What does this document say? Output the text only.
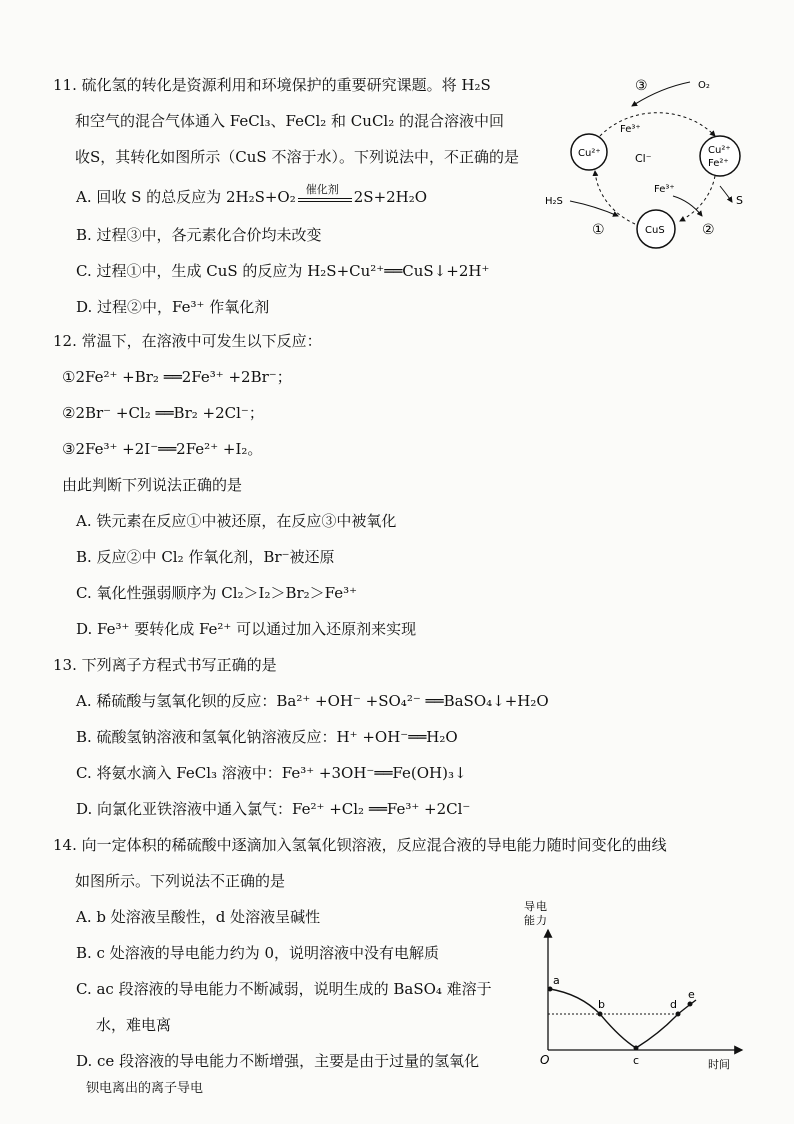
11. 硫化氢的转化是资源利用和环境保护的重要研究课题。将 H₂S
和空气的混合气体通入 FeCl₃、FeCl₂ 和 CuCl₂ 的混合溶液中回
收S，其转化如图所示（CuS 不溶于水）。下列说法中，不正确的是
A. 回收 S 的总反应为 2H₂S+O₂ 催化剂 2S+2H₂O
B. 过程③中，各元素化合价均未改变
C. 过程①中，生成 CuS 的反应为 H₂S+Cu²⁺══CuS↓+2H⁺
D. 过程②中，Fe³⁺ 作氧化剂
③	O₂
Fe³⁺
Cu²⁺	Cl⁻
Cu²⁺
Fe²⁺
Fe³⁺
H₂S	S
①	CuS	②
12. 常温下，在溶液中可发生以下反应：
①2Fe²⁺ +Br₂ ══2Fe³⁺ +2Br⁻；
②2Br⁻ +Cl₂ ══Br₂ +2Cl⁻；
③2Fe³⁺ +2I⁻══2Fe²⁺ +I₂。
由此判断下列说法正确的是
A. 铁元素在反应①中被还原，在反应③中被氧化
B. 反应②中 Cl₂ 作氧化剂，Br⁻被还原
C. 氧化性强弱顺序为 Cl₂＞I₂＞Br₂＞Fe³⁺
D. Fe³⁺ 要转化成 Fe²⁺ 可以通过加入还原剂来实现
13. 下列离子方程式书写正确的是
A. 稀硫酸与氢氧化钡的反应：Ba²⁺ +OH⁻ +SO₄²⁻ ══BaSO₄↓+H₂O
B. 硫酸氢钠溶液和氢氧化钠溶液反应：H⁺ +OH⁻══H₂O
C. 将氨水滴入 FeCl₃ 溶液中：Fe³⁺ +3OH⁻══Fe(OH)₃↓
D. 向氯化亚铁溶液中通入氯气：Fe²⁺ +Cl₂ ══Fe³⁺ +2Cl⁻
14. 向一定体积的稀硫酸中逐滴加入氢氧化钡溶液，反应混合液的导电能力随时间变化的曲线
如图所示。下列说法不正确的是
A. b 处溶液呈酸性，d 处溶液呈碱性
B. c 处溶液的导电能力约为 0，说明溶液中没有电解质
C. ac 段溶液的导电能力不断减弱，说明生成的 BaSO₄ 难溶于
水，难电离
D. ce 段溶液的导电能力不断增强，主要是由于过量的氢氧化
钡电离出的离子导电
导 电
能 力
O	时间
a
b
c
d
e
